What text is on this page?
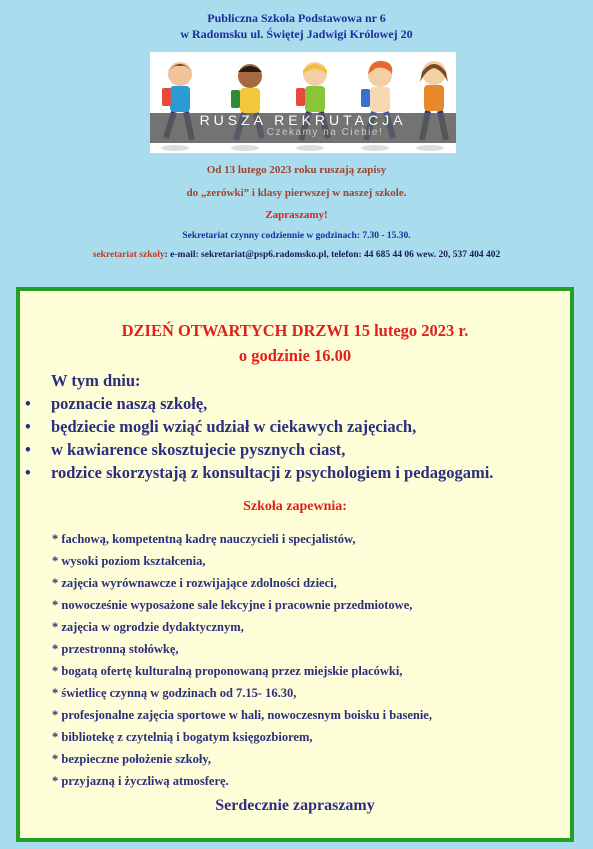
Publiczna Szkoła Podstawowa nr 6
w Radomsku ul. Świętej Jadwigi Królowej 20
RUSZA REKRUTACJA
Czekamy na Ciebie!
Od 13 lutego 2023 roku ruszają zapisy
do „zerówki” i klasy pierwszej w naszej szkole.
Zapraszamy!
Sekretariat czynny codziennie w godzinach: 7.30 - 15.30.
sekretariat szkoły: e-mail: sekretariat@psp6.radomsko.pl, telefon: 44 685 44 06 wew. 20, 537 404 402
DZIEŃ OTWARTYCH DRZWI 15 lutego 2023 r.
o godzinie 16.00
W tym dniu:
• poznacie naszą szkołę,
• będziecie mogli wziąć udział w ciekawych zajęciach,
• w kawiarence skosztujecie pysznych ciast,
• rodzice skorzystają z konsultacji z psychologiem i pedagogami.
Szkoła zapewnia:
* fachową, kompetentną kadrę nauczycieli i specjalistów,
* wysoki poziom kształcenia,
* zajęcia wyrównawcze i rozwijające zdolności dzieci,
* nowocześnie wyposażone sale lekcyjne i pracownie przedmiotowe,
* zajęcia w ogrodzie dydaktycznym,
* przestronną stołówkę,
* bogatą ofertę kulturalną proponowaną przez miejskie placówki,
* świetlicę czynną w godzinach od 7.15- 16.30,
* profesjonalne zajęcia sportowe w hali, nowoczesnym boisku i basenie,
* bibliotekę z czytelnią i bogatym księgozbiorem,
* bezpieczne położenie szkoły,
* przyjazną i życzliwą atmosferę.
Serdecznie zapraszamy
